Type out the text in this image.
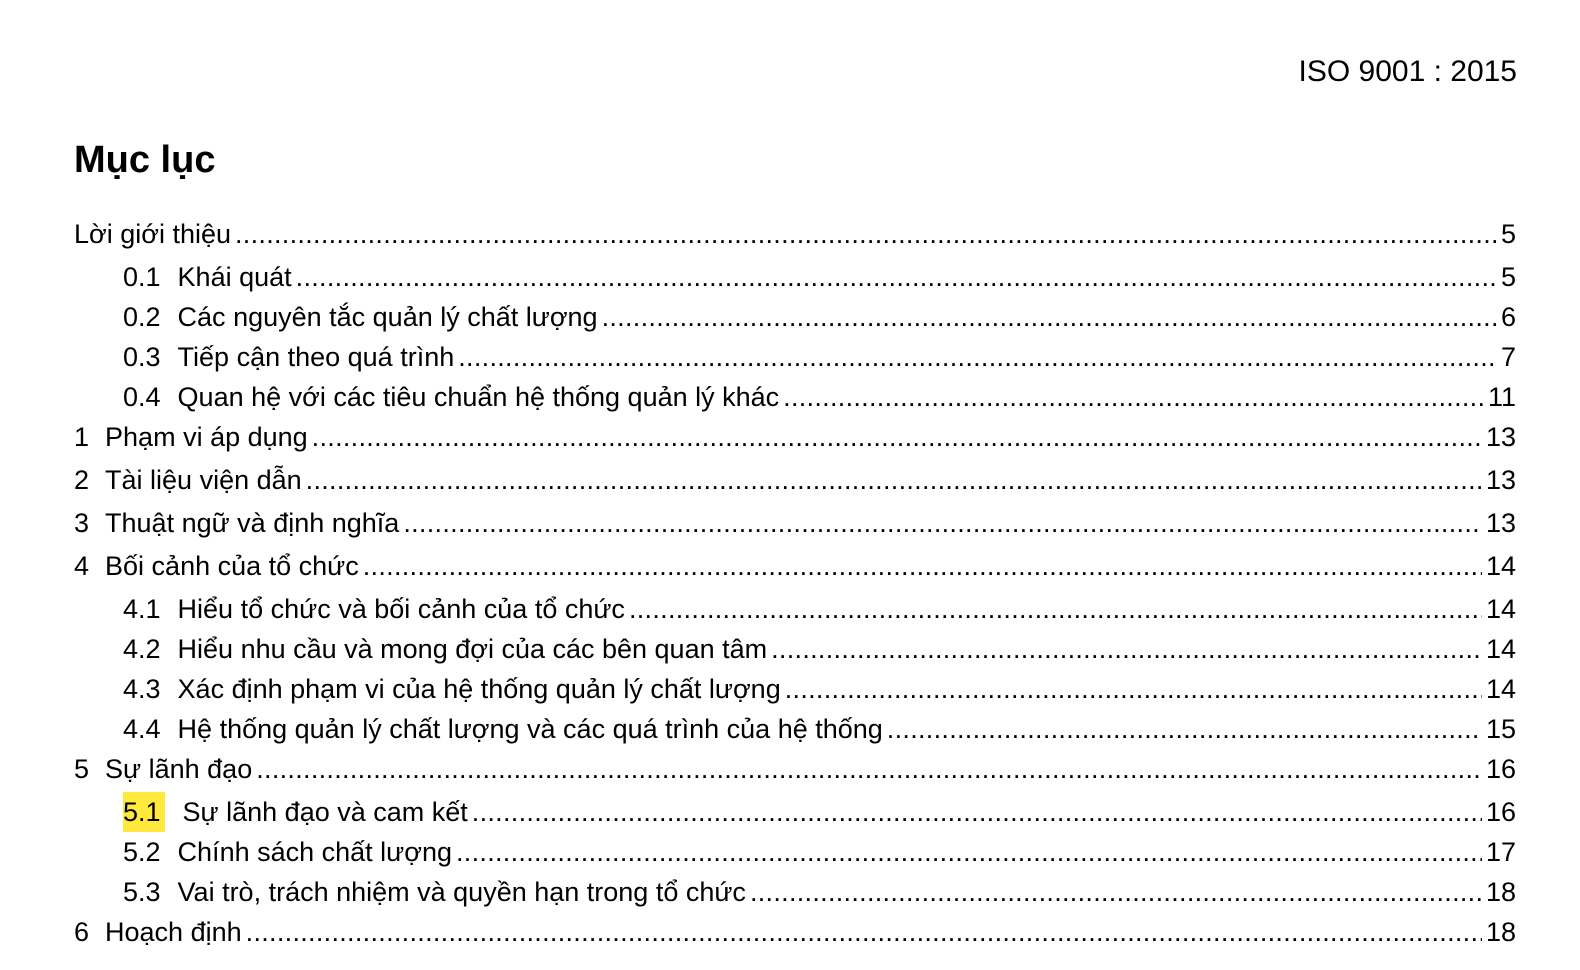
ISO 9001 : 2015
Mục lục
Lời giới thiệu .....	5
0.1 Khái quát .....	5
0.2 Các nguyên tắc quản lý chất lượng .....	6
0.3 Tiếp cận theo quá trình .....	7
0.4 Quan hệ với các tiêu chuẩn hệ thống quản lý khác .....	11
1 Phạm vi áp dụng .....	13
2 Tài liệu viện dẫn .....	13
3 Thuật ngữ và định nghĩa .....	13
4 Bối cảnh của tổ chức .....	14
4.1 Hiểu tổ chức và bối cảnh của tổ chức .....	14
4.2 Hiểu nhu cầu và mong đợi của các bên quan tâm .....	14
4.3 Xác định phạm vi của hệ thống quản lý chất lượng .....	14
4.4 Hệ thống quản lý chất lượng và các quá trình của hệ thống .....	15
5 Sự lãnh đạo .....	16
5.1 Sự lãnh đạo và cam kết .....	16
5.2 Chính sách chất lượng .....	17
5.3 Vai trò, trách nhiệm và quyền hạn trong tổ chức .....	18
6 Hoạch định .....	18
